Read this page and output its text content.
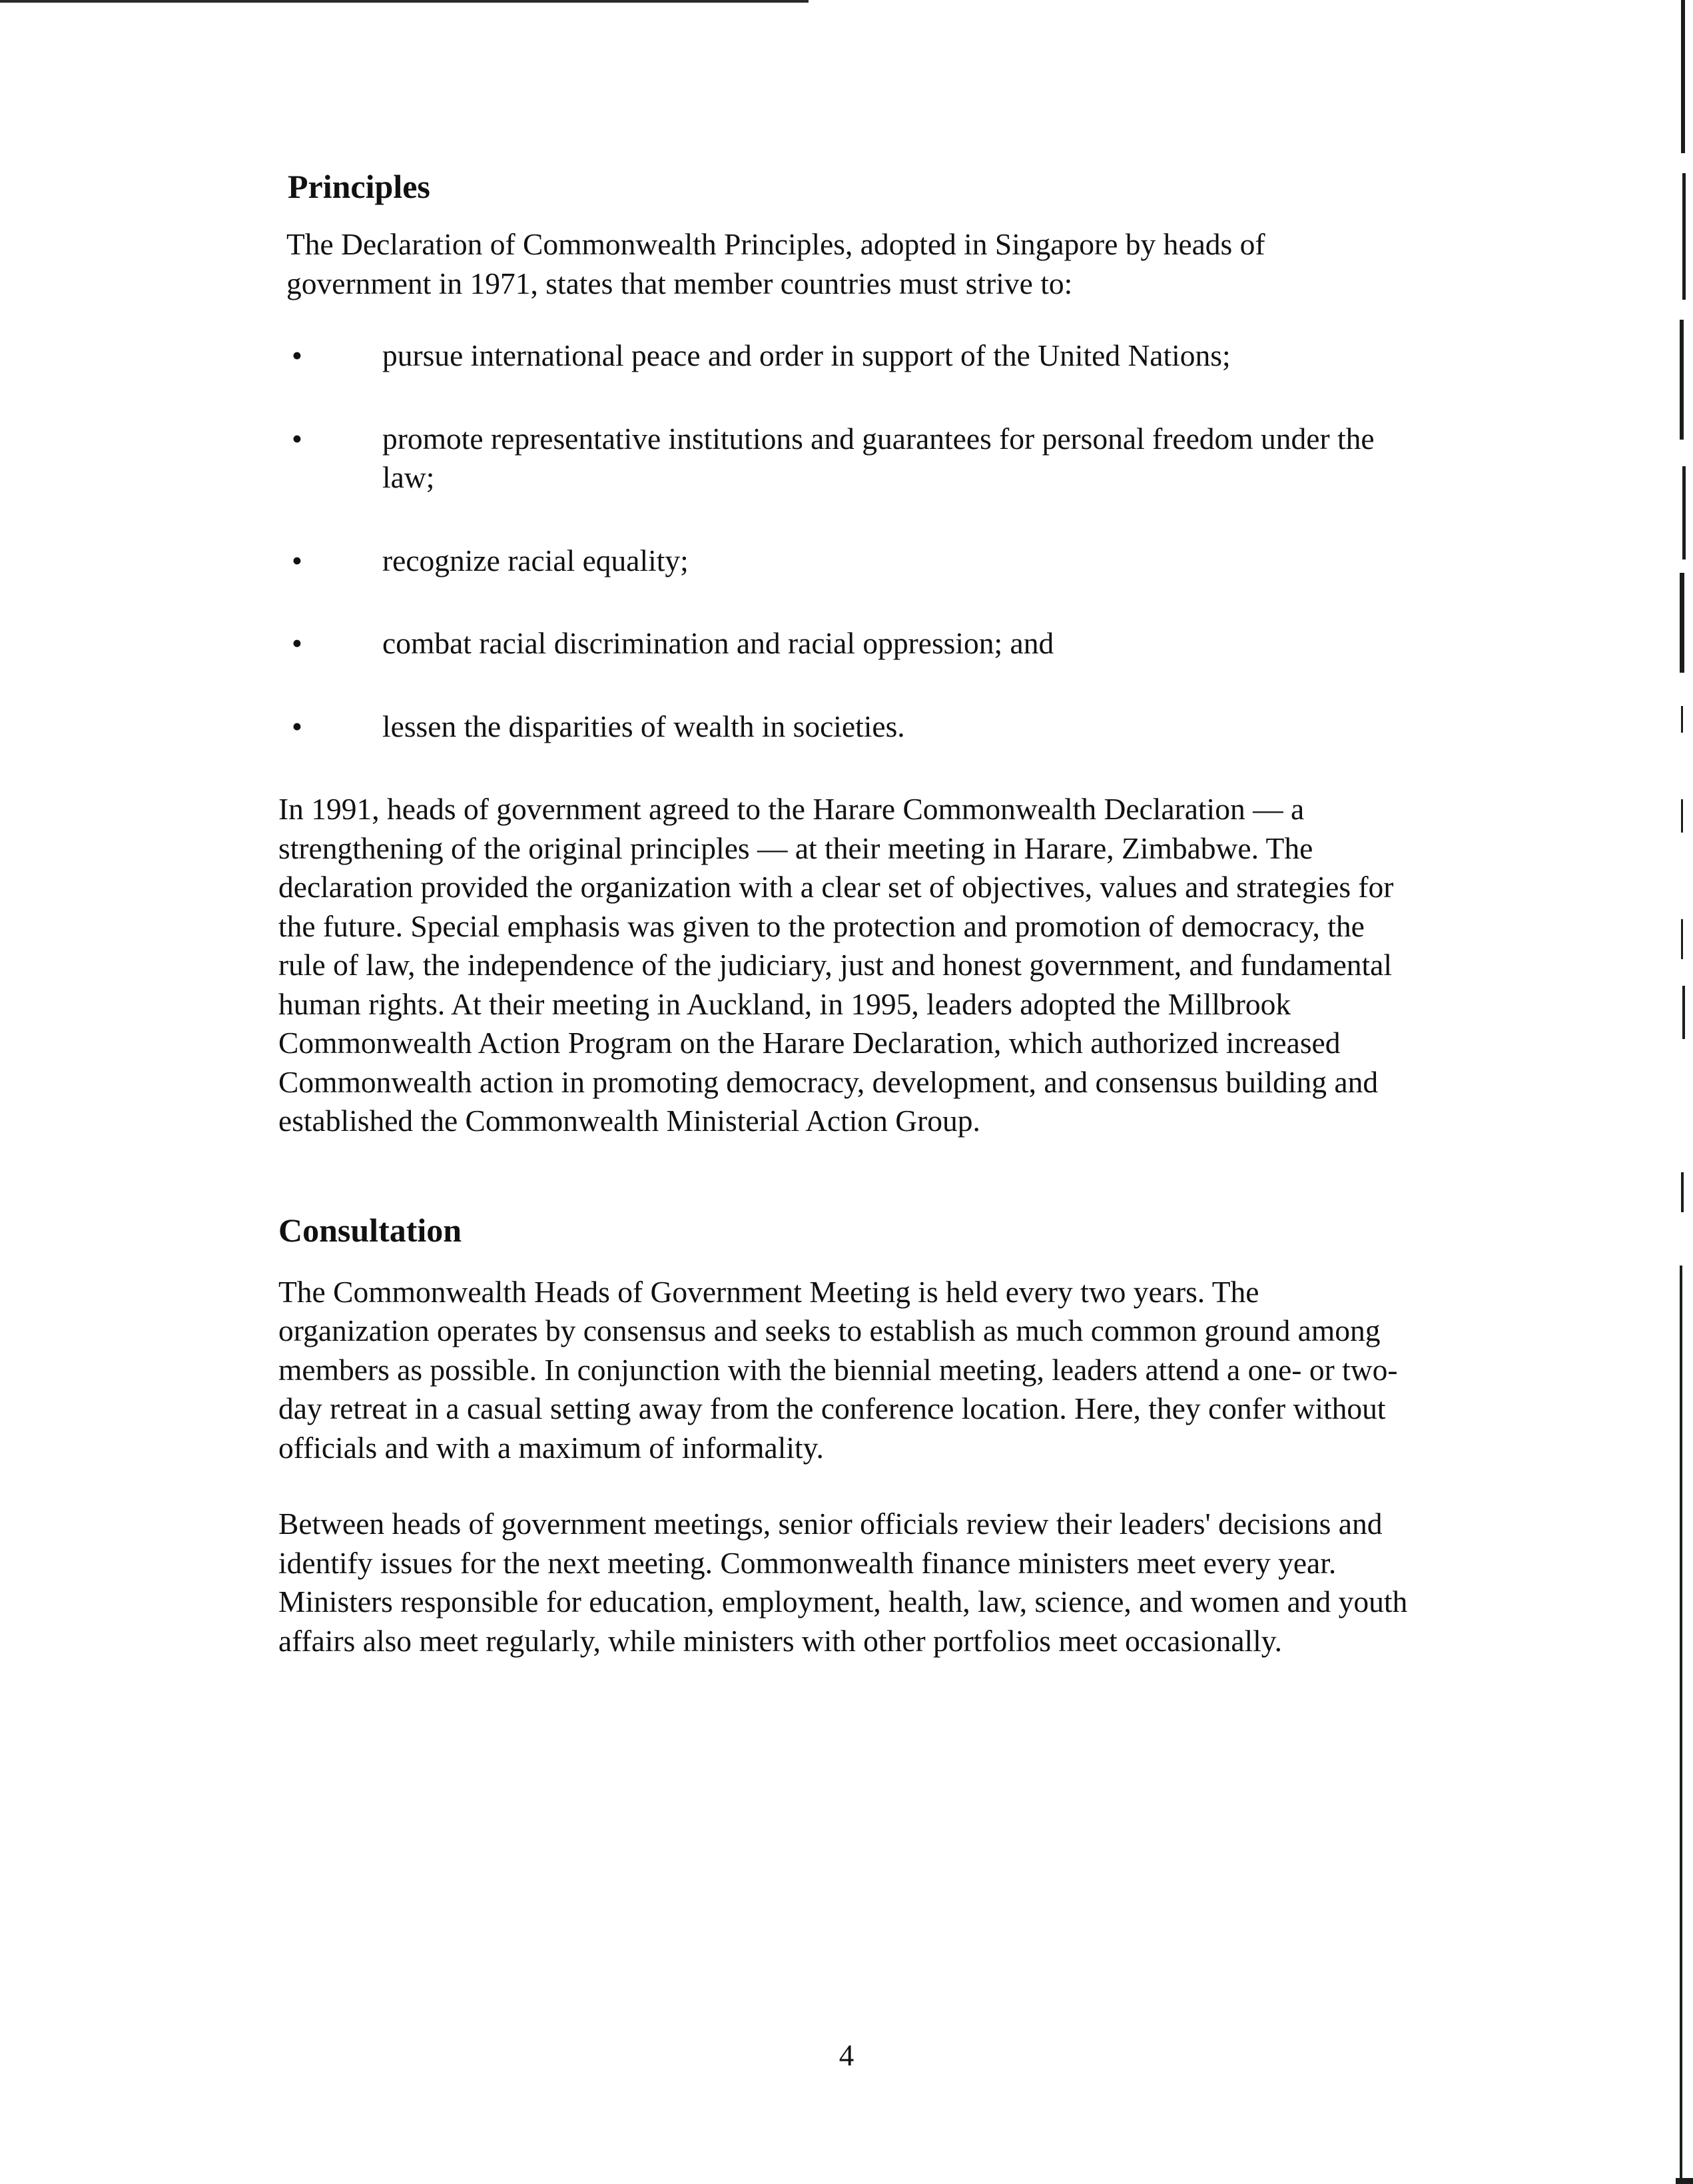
Principles

The Declaration of Commonwealth Principles, adopted in Singapore by heads of government in 1971, states that member countries must strive to:

•	pursue international peace and order in support of the United Nations;
•	promote representative institutions and guarantees for personal freedom under the law;
•	recognize racial equality;
•	combat racial discrimination and racial oppression; and
•	lessen the disparities of wealth in societies.

In 1991, heads of government agreed to the Harare Commonwealth Declaration — a strengthening of the original principles — at their meeting in Harare, Zimbabwe. The declaration provided the organization with a clear set of objectives, values and strategies for the future. Special emphasis was given to the protection and promotion of democracy, the rule of law, the independence of the judiciary, just and honest government, and fundamental human rights. At their meeting in Auckland, in 1995, leaders adopted the Millbrook Commonwealth Action Program on the Harare Declaration, which authorized increased Commonwealth action in promoting democracy, development, and consensus building and established the Commonwealth Ministerial Action Group.

Consultation

The Commonwealth Heads of Government Meeting is held every two years. The organization operates by consensus and seeks to establish as much common ground among members as possible. In conjunction with the biennial meeting, leaders attend a one- or two-day retreat in a casual setting away from the conference location. Here, they confer without officials and with a maximum of informality.

Between heads of government meetings, senior officials review their leaders' decisions and identify issues for the next meeting. Commonwealth finance ministers meet every year. Ministers responsible for education, employment, health, law, science, and women and youth affairs also meet regularly, while ministers with other portfolios meet occasionally.

4
